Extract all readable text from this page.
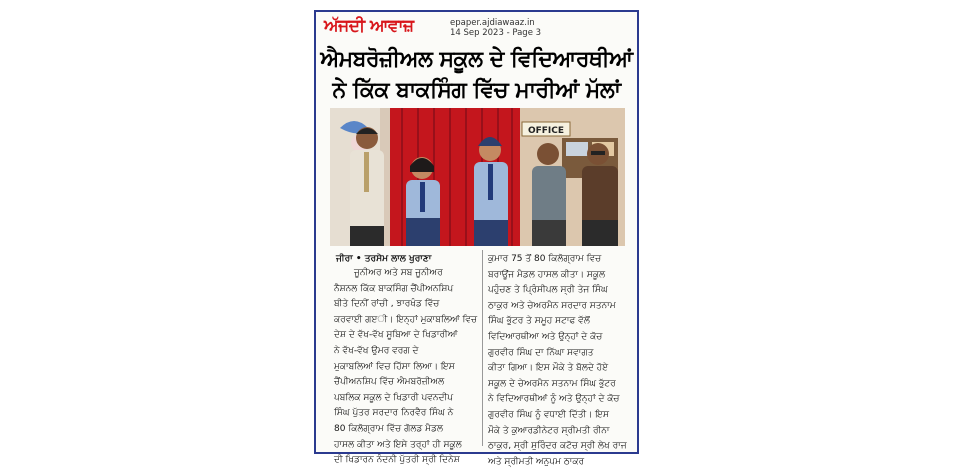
ਅੱਜਦੀ ਆਵਾਜ਼	epaper.ajdiawaaz.in
14 Sep 2023 - Page 3
ਐਮਬਰੋਜ਼ੀਅਲ ਸਕੂਲ ਦੇ ਵਿਦਿਆਰਥੀਆਂ
ਨੇ ਕਿੱਕ ਬਾਕਸਿੰਗ ਵਿੱਚ ਮਾਰੀਆਂ ਮੱਲਾਂ
OFFICE
ਜੀਰਾ • ਤਰਸੇਮ ਲਾਲ ਖੁਰਾਣਾ
ਜੂਨੀਅਰ ਅਤੇ ਸਬ ਜੂਨੀਅਰ
ਨੈਸ਼ਨਲ ਕਿੱਕ ਬਾਕਸਿੰਗ ਚੈਂਪੀਅਨਸ਼ਿਪ
ਬੀਤੇ ਦਿਨੀਂ ਰਾਂਚੀ , ਝਾਰਖੰਡ ਵਿੱਚ
ਕਰਵਾਈ ਗੲੀ। ਇਨ੍ਹਾਂ ਮੁਕਾਬਲਿਆਂ ਵਿਚ
ਦੇਸ਼ ਦੇ ਵੱਖ-ਵੱਖ ਸੂਬਿਆ ਦੇ ਖਿਡਾਰੀਆਂ
ਨੇ ਵੱਖ-ਵੱਖ ਉਮਰ ਵਰਗ ਦੇ
ਮੁਕਾਬਲਿਆਂ ਵਿਚ ਹਿੱਸਾ ਲਿਆ। ਇਸ
ਚੈਂਪੀਅਨਸ਼ਿਪ ਵਿੱਚ ਐਮਬਰੋਜ਼ੀਅਲ
ਪਬਲਿਕ ਸਕੂਲ ਦੇ ਖਿਡਾਰੀ ਪਵਨਦੀਪ
ਸਿੰਘ ਪੁੱਤਰ ਸਰਦਾਰ ਨਿਰਵੈਰ ਸਿੰਘ ਨੇ
80 ਕਿਲੋਗ੍ਰਾਮ ਵਿੱਚ ਗੋਲਡ ਮੈਡਲ
ਹਾਸਲ ਕੀਤਾ ਅਤੇ ਇਸੇ ਤਰ੍ਹਾਂ ਹੀ ਸਕੂਲ
ਦੀ ਖਿਡਾਰਨ ਨੰਦਨੀ ਪੁੱਤਰੀ ਸ੍ਰੀ ਦਿਨੇਸ਼
ਕੁਮਾਰ 75 ਤੋਂ 80 ਕਿਲੋਗ੍ਰਾਮ ਵਿਚ
ਬਰਾਊਂਜ ਮੈਡਲ ਹਾਸਲ ਕੀਤਾ। ਸਕੂਲ
ਪਹੁੰਚਣ ਤੇ ਪ੍ਰਿੰਸੀਪਲ ਸ੍ਰੀ ਤੇਜ ਸਿੰਘ
ਠਾਕੁਰ ਅਤੇ ਚੇਅਰਮੈਨ ਸਰਦਾਰ ਸਤਨਾਮ
ਸਿੰਘ ਭੁੱਟਰ ਤੇ ਸਮੂਹ ਸਟਾਫ ਵੱਲੋਂ
ਵਿਦਿਆਰਥੀਆ ਅਤੇ ਉਨ੍ਹਾਂ ਦੇ ਕੋਚ
ਗੁਰਵੀਰ ਸਿੰਘ ਦਾ ਨਿੱਘਾ ਸਵਾਗਤ
ਕੀਤਾ ਗਿਆ। ਇਸ ਮੌਕੇ ਤੇ ਬੋਲਦੇ ਹੋਏ
ਸਕੂਲ ਦੇ ਚੇਅਰਮੈਨ ਸਤਨਾਮ ਸਿੰਘ ਭੁੱਟਰ
ਨੇ ਵਿਦਿਆਰਥੀਆਂ ਨੂੰ ਅਤੇ ਉਨ੍ਹਾਂ ਦੇ ਕੋਚ
ਗੁਰਵੀਰ ਸਿੰਘ ਨੂੰ ਵਧਾਈ ਦਿੱਤੀ। ਇਸ
ਮੌਕੇ ਤੇ ਕੁਆਰਡੀਨੇਟਰ ਸ੍ਰੀਮਤੀ ਰੀਨਾ
ਠਾਕੁਰ, ਸ੍ਰੀ ਸੁਰਿੰਦਰ ਕਟੋਚ ਸ੍ਰੀ ਲੇਖ ਰਾਜ
ਅਤੇ ਸ੍ਰੀਮਤੀ ਅਨੁਪਮ ਠਾਕਰ
